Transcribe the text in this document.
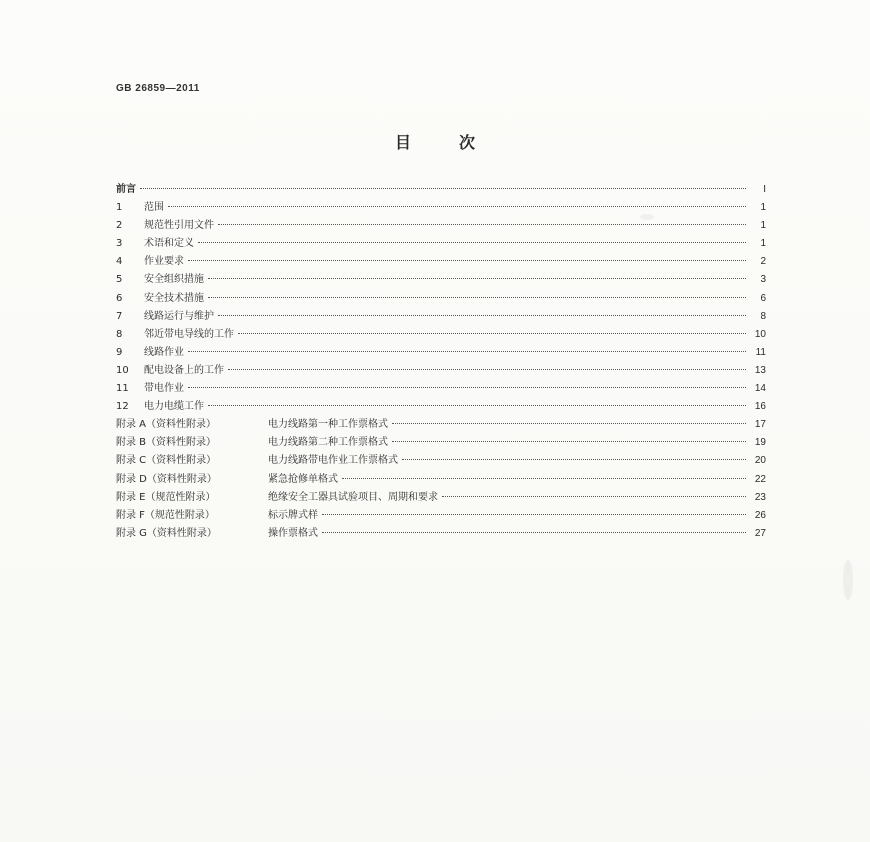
GB 26859—2011
目	次
前言	I
1	范围	1
2	规范性引用文件	1
3	术语和定义	1
4	作业要求	2
5	安全组织措施	3
6	安全技术措施	6
7	线路运行与维护	8
8	邻近带电导线的工作	10
9	线路作业	11
10	配电设备上的工作	13
11	带电作业	14
12	电力电缆工作	16
附录 A（资料性附录）	电力线路第一种工作票格式	17
附录 B（资料性附录）	电力线路第二种工作票格式	19
附录 C（资料性附录）	电力线路带电作业工作票格式	20
附录 D（资料性附录）	紧急抢修单格式	22
附录 E（规范性附录）	绝缘安全工器具试验项目、周期和要求	23
附录 F（规范性附录）	标示牌式样	26
附录 G（资料性附录）	操作票格式	27
